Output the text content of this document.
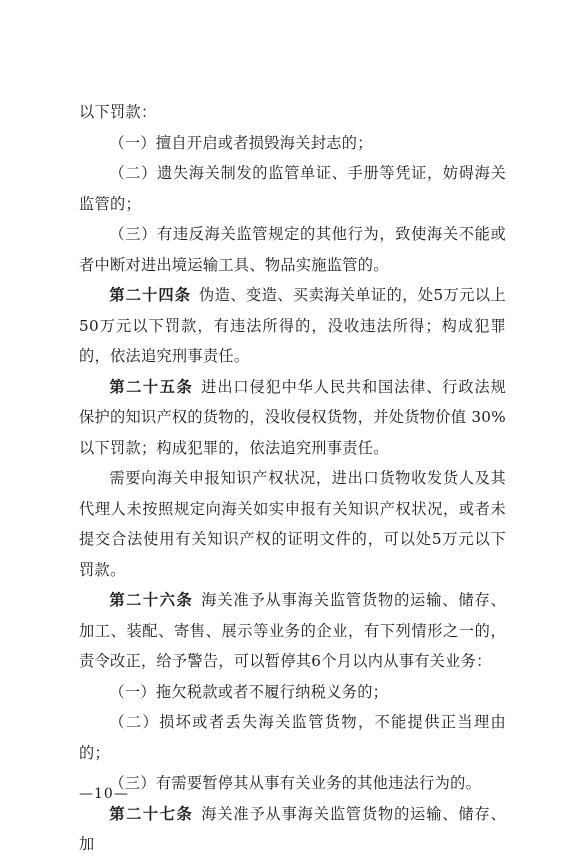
以下罚款：

（一）擅自开启或者损毁海关封志的；

（二）遗失海关制发的监管单证、手册等凭证，妨碍海关监管的；

（三）有违反海关监管规定的其他行为，致使海关不能或者中断对进出境运输工具、物品实施监管的。

第二十四条 伪造、变造、买卖海关单证的，处5万元以上50万元以下罚款，有违法所得的，没收违法所得；构成犯罪的，依法追究刑事责任。

第二十五条 进出口侵犯中华人民共和国法律、行政法规保护的知识产权的货物的，没收侵权货物，并处货物价值 30%以下罚款；构成犯罪的，依法追究刑事责任。

需要向海关申报知识产权状况，进出口货物收发货人及其代理人未按照规定向海关如实申报有关知识产权状况，或者未提交合法使用有关知识产权的证明文件的，可以处5万元以下罚款。

第二十六条 海关准予从事海关监管货物的运输、储存、加工、装配、寄售、展示等业务的企业，有下列情形之一的，责令改正，给予警告，可以暂停其6个月以内从事有关业务：

（一）拖欠税款或者不履行纳税义务的；

（二）损坏或者丢失海关监管货物，不能提供正当理由的；

（三）有需要暂停其从事有关业务的其他违法行为的。

第二十七条 海关准予从事海关监管货物的运输、储存、加

—10—
